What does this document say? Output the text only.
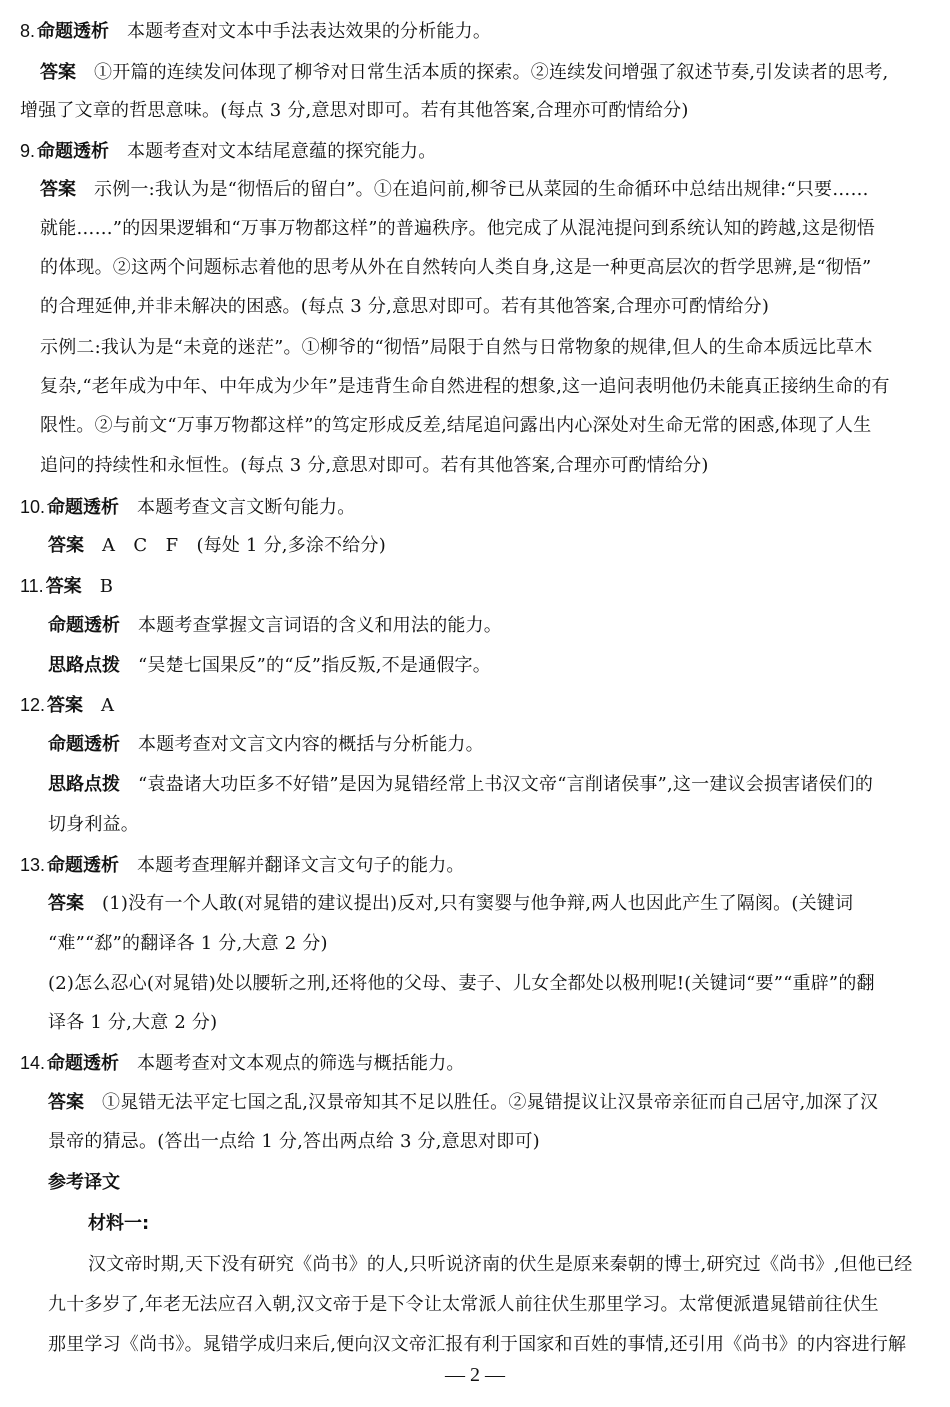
8. 命题透析 本题考查对文本中手法表达效果的分析能力。
答案 ①开篇的连续发问体现了柳爷对日常生活本质的探索。②连续发问增强了叙述节奏,引发读者的思考,
增强了文章的哲思意味。(每点 3 分,意思对即可。若有其他答案,合理亦可酌情给分)
9. 命题透析 本题考查对文本结尾意蕴的探究能力。
答案 示例一:我认为是“彻悟后的留白”。①在追问前,柳爷已从菜园的生命循环中总结出规律:“只要……
就能……”的因果逻辑和“万事万物都这样”的普遍秩序。他完成了从混沌提问到系统认知的跨越,这是彻悟
的体现。②这两个问题标志着他的思考从外在自然转向人类自身,这是一种更高层次的哲学思辨,是“彻悟”
的合理延伸,并非未解决的困惑。(每点 3 分,意思对即可。若有其他答案,合理亦可酌情给分)
示例二:我认为是“未竟的迷茫”。①柳爷的“彻悟”局限于自然与日常物象的规律,但人的生命本质远比草木
复杂,“老年成为中年、中年成为少年”是违背生命自然进程的想象,这一追问表明他仍未能真正接纳生命的有
限性。②与前文“万事万物都这样”的笃定形成反差,结尾追问露出内心深处对生命无常的困惑,体现了人生
追问的持续性和永恒性。(每点 3 分,意思对即可。若有其他答案,合理亦可酌情给分)
10. 命题透析 本题考查文言文断句能力。
答案 A　C　F　(每处 1 分,多涂不给分)
11. 答案 B
命题透析 本题考查掌握文言词语的含义和用法的能力。
思路点拨 “吴楚七国果反”的“反”指反叛,不是通假字。
12. 答案 A
命题透析 本题考查对文言文内容的概括与分析能力。
思路点拨 “袁盎诸大功臣多不好错”是因为晁错经常上书汉文帝“言削诸侯事”,这一建议会损害诸侯们的
切身利益。
13. 命题透析 本题考查理解并翻译文言文句子的能力。
答案 (1)没有一个人敢(对晁错的建议提出)反对,只有窦婴与他争辩,两人也因此产生了隔阂。(关键词
“难”“郄”的翻译各 1 分,大意 2 分)
(2)怎么忍心(对晁错)处以腰斩之刑,还将他的父母、妻子、儿女全都处以极刑呢!(关键词“要”“重辟”的翻
译各 1 分,大意 2 分)
14. 命题透析 本题考查对文本观点的筛选与概括能力。
答案 ①晁错无法平定七国之乱,汉景帝知其不足以胜任。②晁错提议让汉景帝亲征而自己居守,加深了汉
景帝的猜忌。(答出一点给 1 分,答出两点给 3 分,意思对即可)
参考译文
材料一:
汉文帝时期,天下没有研究《尚书》的人,只听说济南的伏生是原来秦朝的博士,研究过《尚书》,但他已经
九十多岁了,年老无法应召入朝,汉文帝于是下令让太常派人前往伏生那里学习。太常便派遣晁错前往伏生
那里学习《尚书》。晁错学成归来后,便向汉文帝汇报有利于国家和百姓的事情,还引用《尚书》的内容进行解
— 2 —
